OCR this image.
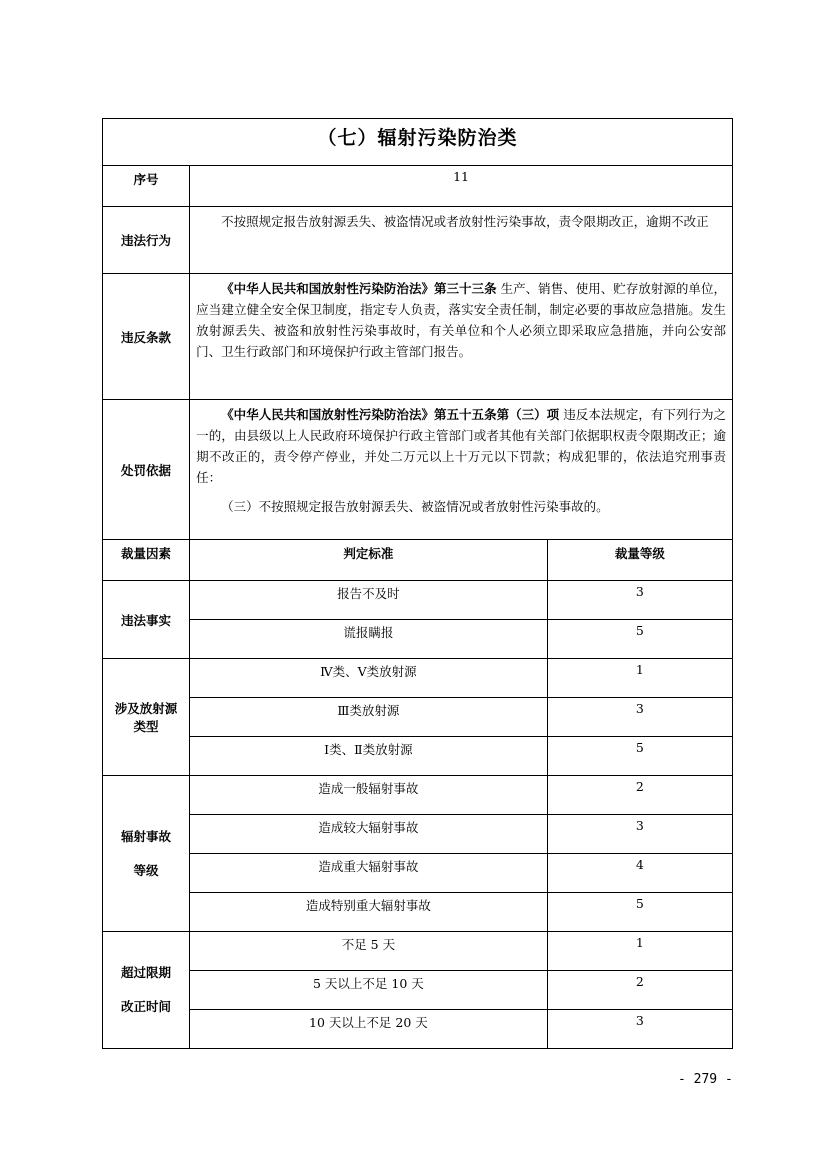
（七）辐射污染防治类		
序号	11	
违法行为	不按照规定报告放射源丢失、被盗情况或者放射性污染事故，责令限期改正，逾期不改正	
违反条款	《中华人民共和国放射性污染防治法》第三十三条 生产、销售、使用、贮存放射源的单位，应当建立健全安全保卫制度，指定专人负责，落实安全责任制，制定必要的事故应急措施。发生放射源丢失、被盗和放射性污染事故时，有关单位和个人必须立即采取应急措施，并向公安部门、卫生行政部门和环境保护行政主管部门报告。	
处罚依据	《中华人民共和国放射性污染防治法》第五十五条第（三）项 违反本法规定，有下列行为之一的，由县级以上人民政府环境保护行政主管部门或者其他有关部门依据职权责令限期改正；逾期不改正的，责令停产停业，并处二万元以上十万元以下罚款；构成犯罪的，依法追究刑事责任：
（三）不按照规定报告放射源丢失、被盗情况或者放射性污染事故的。	

裁量因素	判定标准	裁量等级
违法事实	报告不及时	3
	谎报瞒报	5

涉及放射源
类型	Ⅳ类、Ⅴ类放射源	1
	Ⅲ类放射源	3
	Ⅰ类、Ⅱ类放射源	5

辐射事故
等级	造成一般辐射事故	2
	造成较大辐射事故	3
	造成重大辐射事故	4
	造成特别重大辐射事故	5

超过限期
改正时间	不足 5 天	1
	5 天以上不足 10 天	2
	10 天以上不足 20 天	3
- 279 -
